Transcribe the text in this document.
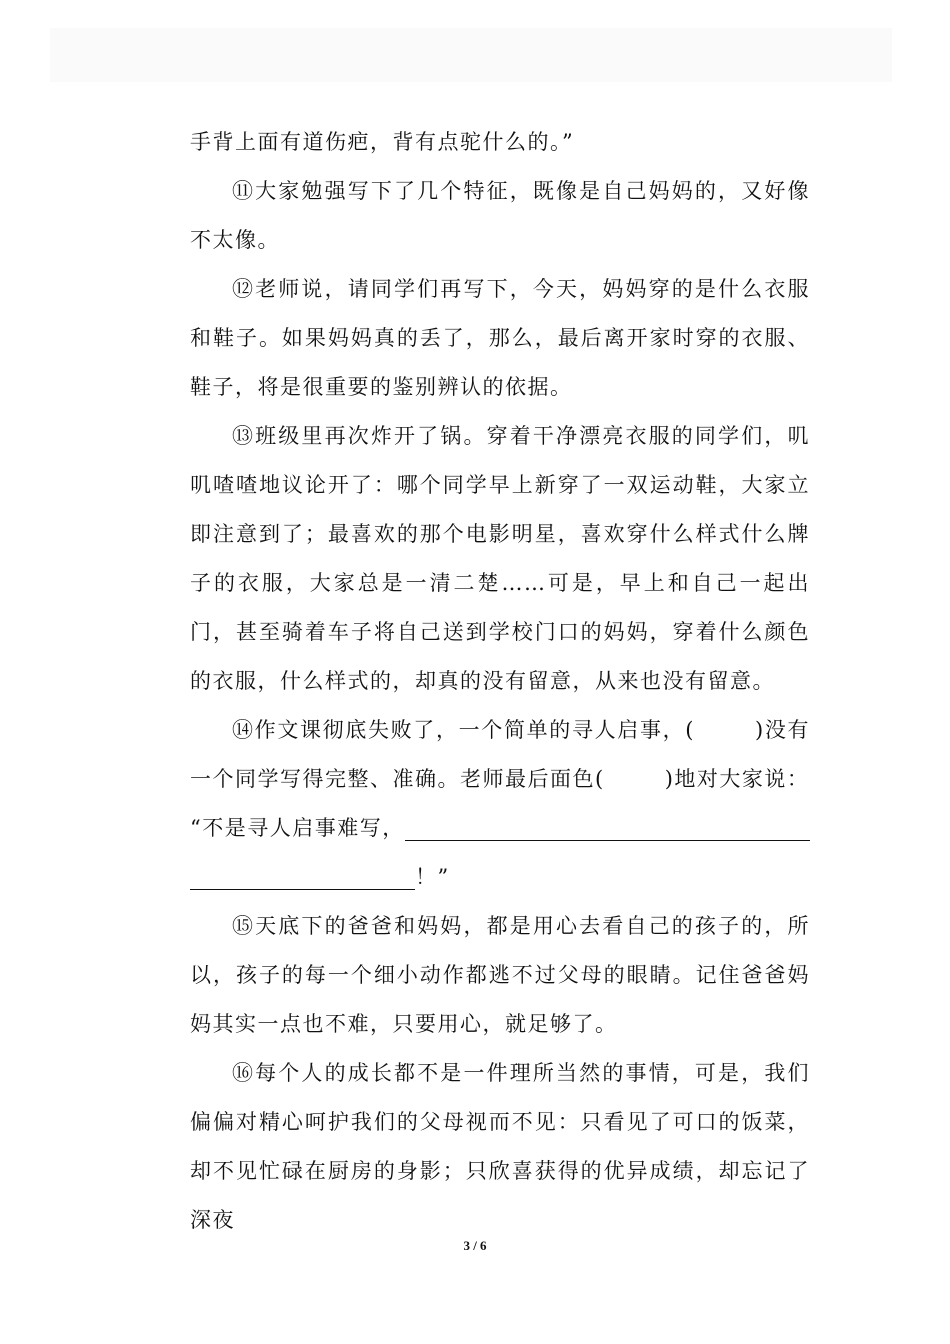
手背上面有道伤疤，背有点驼什么的。”

⑪大家勉强写下了几个特征，既像是自己妈妈的，又好像不太像。

⑫老师说，请同学们再写下，今天，妈妈穿的是什么衣服和鞋子。如果妈妈真的丢了，那么，最后离开家时穿的衣服、鞋子，将是很重要的鉴别辨认的依据。

⑬班级里再次炸开了锅。穿着干净漂亮衣服的同学们，叽叽喳喳地议论开了：哪个同学早上新穿了一双运动鞋，大家立即注意到了；最喜欢的那个电影明星，喜欢穿什么样式什么牌子的衣服，大家总是一清二楚……可是，早上和自己一起出门，甚至骑着车子将自己送到学校门口的妈妈，穿着什么颜色的衣服，什么样式的，却真的没有留意，从来也没有留意。

⑭作文课彻底失败了，一个简单的寻人启事，(	)没有一个同学写得完整、准确。老师最后面色(	)地对大家说：
“不是寻人启事难写，
！”

⑮天底下的爸爸和妈妈，都是用心去看自己的孩子的，所以，孩子的每一个细小动作都逃不过父母的眼睛。记住爸爸妈妈其实一点也不难，只要用心，就足够了。

⑯每个人的成长都不是一件理所当然的事情，可是，我们偏偏对精心呵护我们的父母视而不见：只看见了可口的饭菜，却不见忙碌在厨房的身影；只欣喜获得的优异成绩，却忘记了深夜

3 / 6
